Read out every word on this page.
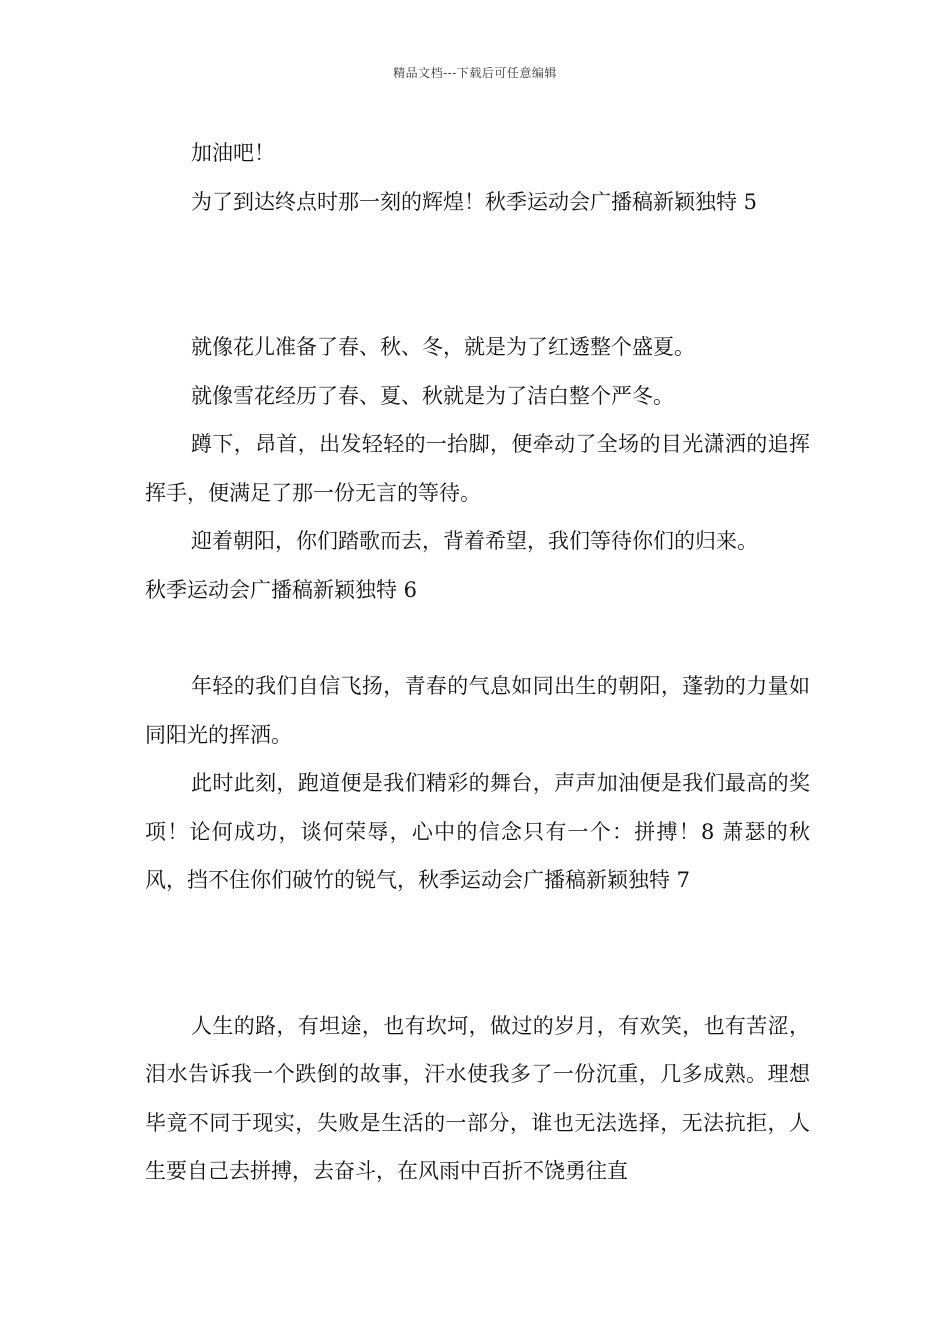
精品文档---下载后可任意编辑

加油吧！

为了到达终点时那一刻的辉煌！秋季运动会广播稿新颖独特 5

就像花儿准备了春、秋、冬，就是为了红透整个盛夏。

就像雪花经历了春、夏、秋就是为了洁白整个严冬。

蹲下，昂首，出发轻轻的一抬脚，便牵动了全场的目光潇洒的追挥挥手，便满足了那一份无言的等待。

迎着朝阳，你们踏歌而去，背着希望，我们等待你们的归来。

秋季运动会广播稿新颖独特 6

年轻的我们自信飞扬，青春的气息如同出生的朝阳，蓬勃的力量如同阳光的挥洒。

此时此刻，跑道便是我们精彩的舞台，声声加油便是我们最高的奖项！论何成功，谈何荣辱，心中的信念只有一个：拼搏！8 萧瑟的秋风，挡不住你们破竹的锐气，秋季运动会广播稿新颖独特 7

人生的路，有坦途，也有坎坷，做过的岁月，有欢笑，也有苦涩，泪水告诉我一个跌倒的故事，汗水使我多了一份沉重，几多成熟。理想毕竟不同于现实，失败是生活的一部分，谁也无法选择，无法抗拒，人生要自己去拼搏，去奋斗，在风雨中百折不饶勇往直
